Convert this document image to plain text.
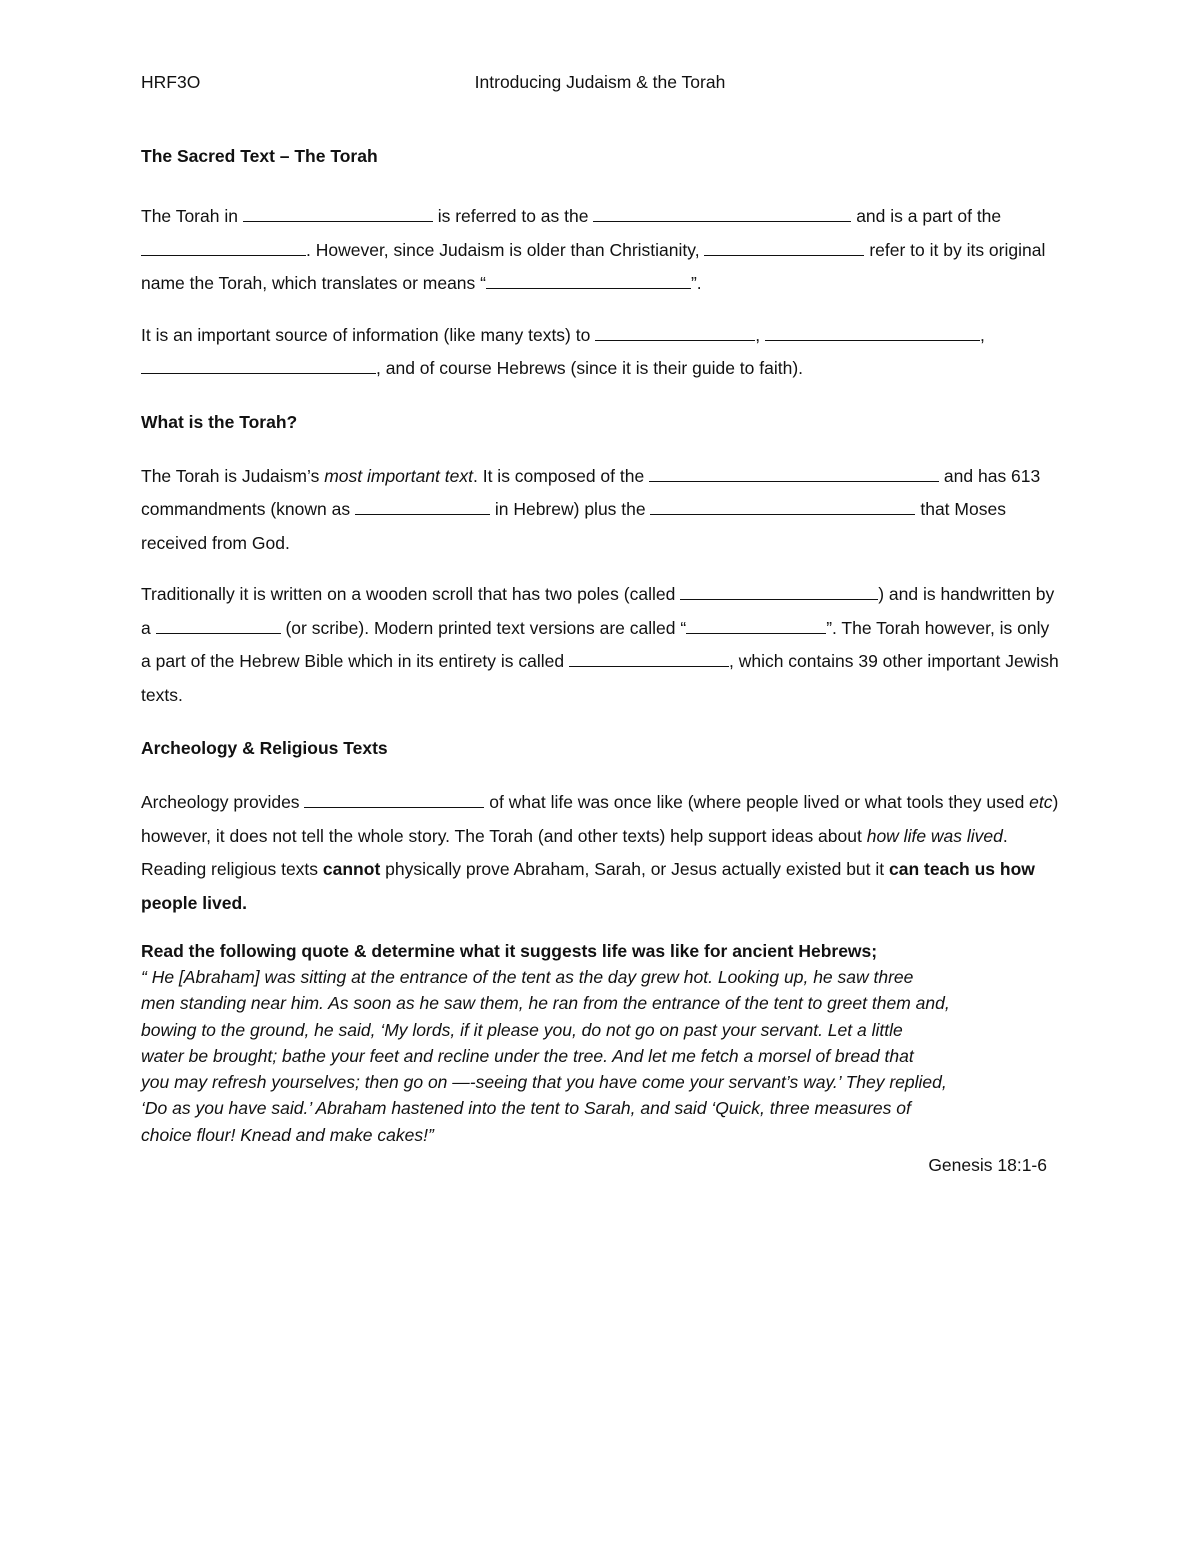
HRF3O	Introducing Judaism & the Torah
The Sacred Text – The Torah

The Torah in	is referred to as the	and is a part of the . However, since Judaism is older than Christianity,	refer to it by its original name the Torah, which translates or means “	”.

It is an important source of information (like many texts) to	,	, , and of course Hebrews (since it is their guide to faith).

What is the Torah?

The Torah is Judaism’s most important text. It is composed of the	and has 613 commandments (known as	in Hebrew) plus the	that Moses received from God.

Traditionally it is written on a wooden scroll that has two poles (called	) and is handwritten by a	(or scribe). Modern printed text versions are called “	”. The Torah however, is only a part of the Hebrew Bible which in its entirety is called	, which contains 39 other important Jewish texts.

Archeology & Religious Texts

Archeology provides	of what life was once like (where people lived or what tools they used etc) however, it does not tell the whole story. The Torah (and other texts) help support ideas about how life was lived. Reading religious texts cannot physically prove Abraham, Sarah, or Jesus actually existed but it can teach us how people lived.

Read the following quote & determine what it suggests life was like for ancient Hebrews;
“ He [Abraham] was sitting at the entrance of the tent as the day grew hot. Looking up, he saw three
men standing near him. As soon as he saw them, he ran from the entrance of the tent to greet them and,
bowing to the ground, he said, ‘My lords, if it please you, do not go on past your servant. Let a little
water be brought; bathe your feet and recline under the tree. And let me fetch a morsel of bread that
you may refresh yourselves; then go on —-seeing that you have come your servant’s way.’ They replied,
‘Do as you have said.’ Abraham hastened into the tent to Sarah, and said ‘Quick, three measures of
choice flour! Knead and make cakes!”
Genesis 18:1-6
